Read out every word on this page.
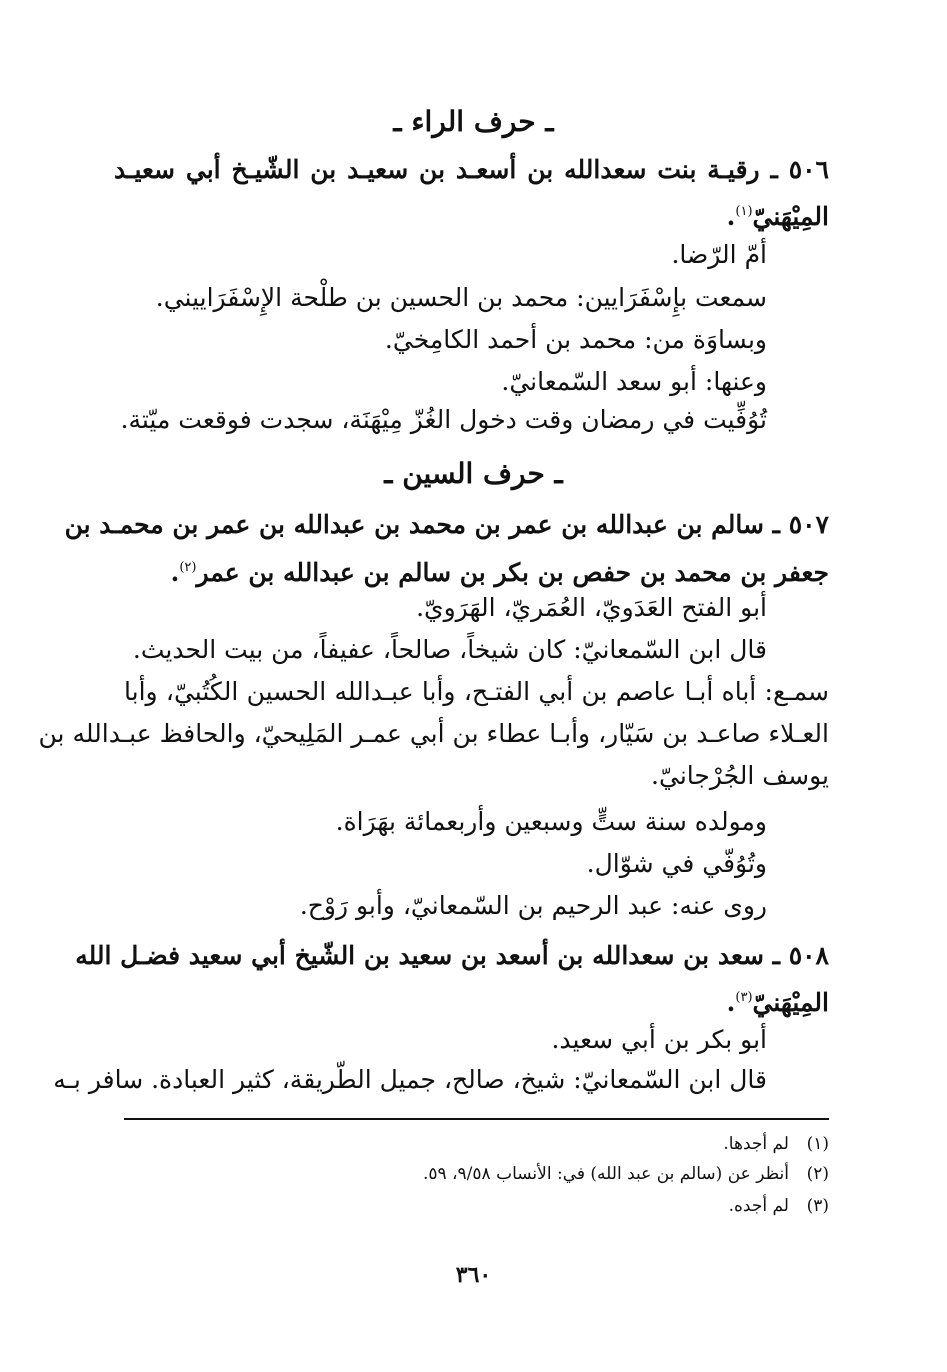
ـ حرف الراء ـ
٥٠٦ ـ رقيـة بنت سعدالله بن أسعـد بن سعيـد بن الشّيـخ أبي سعيـد
المِيْهَنيّ$^{(١)}$.
أمّ الرّضا.
سمعت بإِسْفَرَايين: محمد بن الحسين بن طلْحة الإِسْفَرَاييني.
وبساوَة من: محمد بن أحمد الكامِخيّ.
وعنها: أبو سعد السّمعانيّ.
تُوُفِّيت في رمضان وقت دخول الغُزّ مِيْهَنَة، سجدت فوقعت ميّتة.
ـ حرف السين ـ
٥٠٧ ـ سالم بن عبدالله بن عمر بن محمد بن عبدالله بن عمر بن محمـد بن
جعفر بن محمد بن حفص بن بكر بن سالم بن عبدالله بن عمر$^{(٢)}$.
أبو الفتح العَدَويّ، العُمَريّ، الهَرَويّ.
قال ابن السّمعانيّ: كان شيخاً، صالحاً، عفيفاً، من بيت الحديث.
سمـع: أباه أبـا عاصم بن أبي الفتـح، وأبا عبـدالله الحسين الكُتُبيّ، وأبا
العـلاء صاعـد بن سَيّار، وأبـا عطاء بن أبي عمـر المَلِيحيّ، والحافظ عبـدالله بن
يوسف الجُرْجانيّ.
ومولده سنة ستٍّ وسبعين وأربعمائة بهَرَاة.
وتُوُفّي في شوّال.
روى عنه: عبد الرحيم بن السّمعانيّ، وأبو رَوْح.
٥٠٨ ـ سعد بن سعدالله بن أسعد بن سعيد بن الشّيخ أبي سعيد فضـل الله
المِيْهَنيّ$^{(٣)}$.
أبو بكر بن أبي سعيد.
قال ابن السّمعانيّ: شيخ، صالح، جميل الطّريقة، كثير العبادة. سافر بـه
(١)لم أجدها.
(٢)أنظر عن (سالم بن عبد الله) في: الأنساب ٩/٥٨، ٥٩.
(٣)لم أجده.
٣٦٠
